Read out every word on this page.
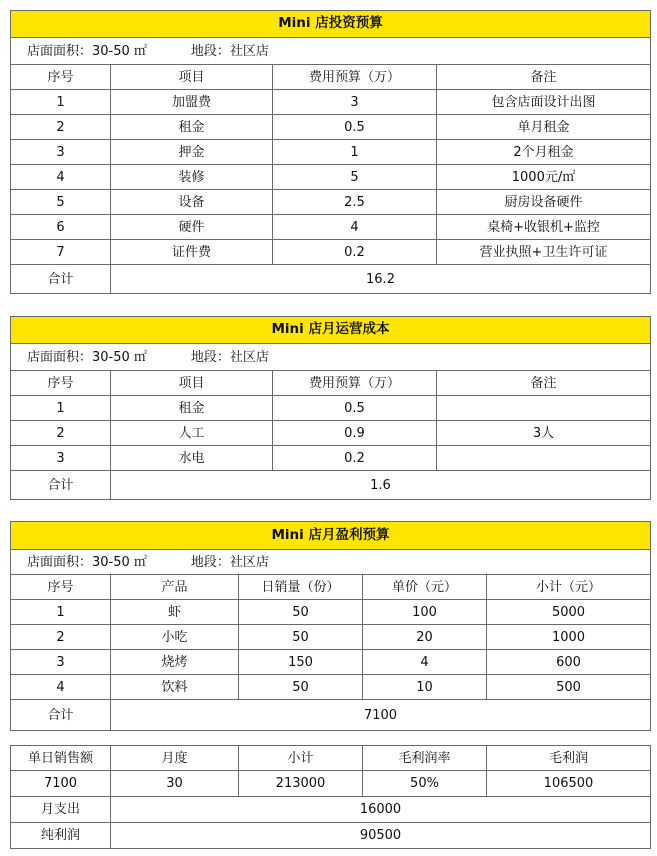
Mini 店投资预算			
店面面积：30-50 ㎡ 地段：社区店			
序号	项目	费用预算（万）	备注
1	加盟费	3	包含店面设计出图
2	租金	0.5	单月租金
3	押金	1	2个月租金
4	装修	5	1000元/㎡
5	设备	2.5	厨房设备硬件
6	硬件	4	桌椅+收银机+监控
7	证件费	0.2	营业执照+卫生许可证
合计	16.2		
Mini 店月运营成本			
店面面积：30-50 ㎡ 地段：社区店			
序号	项目	费用预算（万）	备注
1	租金	0.5	
2	人工	0.9	3人
3	水电	0.2	
合计	1.6		
Mini 店月盈利预算				
店面面积：30-50 ㎡ 地段：社区店				
序号	产品	日销量（份）	单价（元）	小计（元）
1	虾	50	100	5000
2	小吃	50	20	1000
3	烧烤	150	4	600
4	饮料	50	10	500
合计	7100			
单日销售额	月度	小计	毛利润率	毛利润
7100	30	213000	50%	106500
月支出	16000			
纯利润	90500			
